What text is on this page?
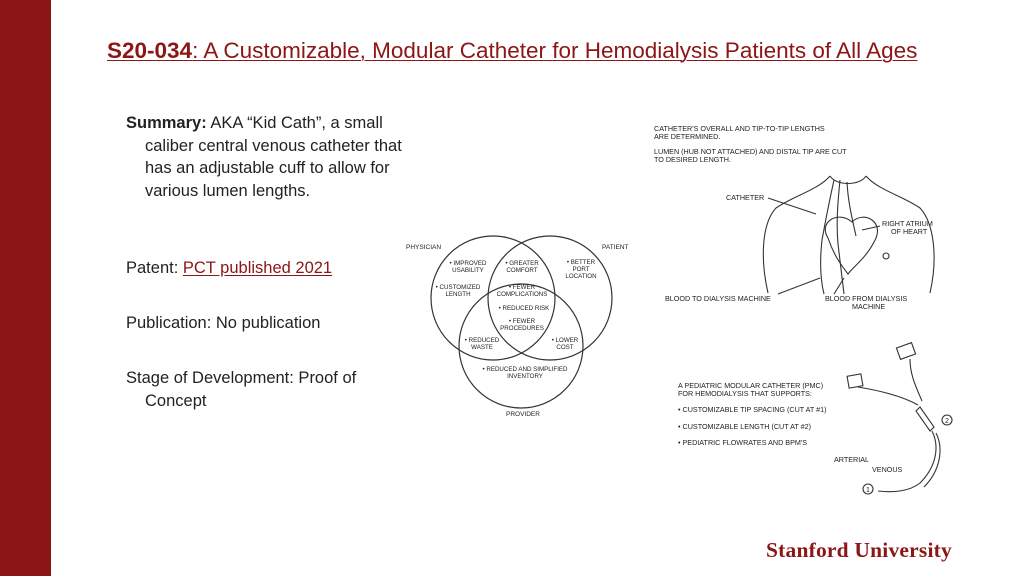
S20-034: A Customizable, Modular Catheter for Hemodialysis Patients of All Ages
Summary: AKA “Kid Cath”, a small caliber central venous catheter that has an adjustable cuff to allow for various lumen lengths.
Patent: PCT published 2021
Publication: No publication
Stage of Development: Proof of Concept
PHYSICIAN	PATIENT
PROVIDER
• IMPROVED
USABILITY
• GREATER
COMFORT
• BETTER
PORT
LOCATION
• CUSTOMIZED
LENGTH
• FEWER
COMPLICATIONS
• REDUCED RISK
• FEWER
PROCEDURES
• REDUCED
WASTE
• LOWER
COST
• REDUCED AND SIMPLIFIED
INVENTORY
CATHETER'S OVERALL AND TIP-TO-TIP LENGTHS
ARE DETERMINED.
LUMEN (HUB NOT ATTACHED) AND DISTAL TIP ARE CUT
TO DESIRED LENGTH.
CATHETER
RIGHT ATRIUM
OF HEART
BLOOD TO DIALYSIS MACHINE	BLOOD FROM DIALYSIS
MACHINE
A PEDIATRIC MODULAR CATHETER (PMC)
FOR HEMODIALYSIS THAT SUPPORTS:
• CUSTOMIZABLE TIP SPACING (CUT AT #1)
• CUSTOMIZABLE LENGTH (CUT AT #2)
• PEDIATRIC FLOWRATES AND BPM'S
ARTERIAL
VENOUS
2
1
Stanford University
